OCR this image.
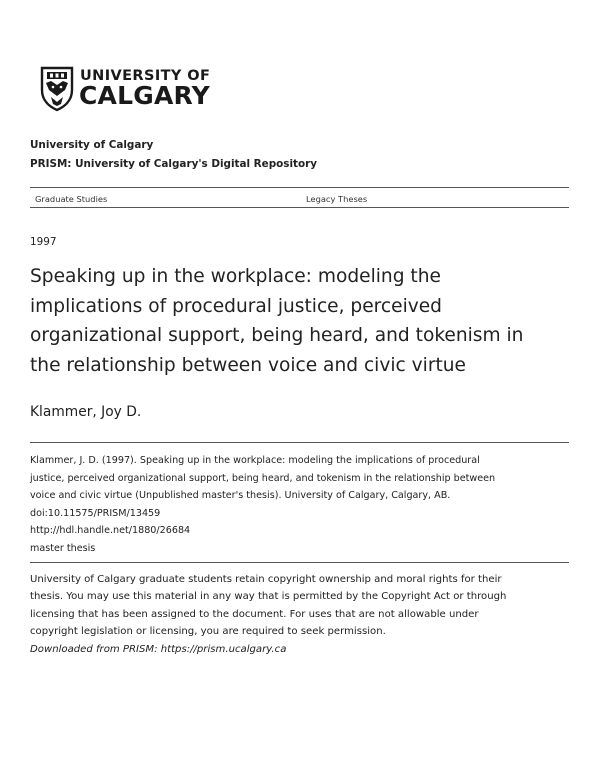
UNIVERSITY OF
CALGARY
University of Calgary
PRISM: University of Calgary's Digital Repository
Graduate Studies	Legacy Theses
1997
Speaking up in the workplace: modeling the
implications of procedural justice, perceived
organizational support, being heard, and tokenism in
the relationship between voice and civic virtue
Klammer, Joy D.
Klammer, J. D. (1997). Speaking up in the workplace: modeling the implications of procedural
justice, perceived organizational support, being heard, and tokenism in the relationship between
voice and civic virtue (Unpublished master's thesis). University of Calgary, Calgary, AB.
doi:10.11575/PRISM/13459
http://hdl.handle.net/1880/26684
master thesis
University of Calgary graduate students retain copyright ownership and moral rights for their
thesis. You may use this material in any way that is permitted by the Copyright Act or through
licensing that has been assigned to the document. For uses that are not allowable under
copyright legislation or licensing, you are required to seek permission.
Downloaded from PRISM: https://prism.ucalgary.ca
